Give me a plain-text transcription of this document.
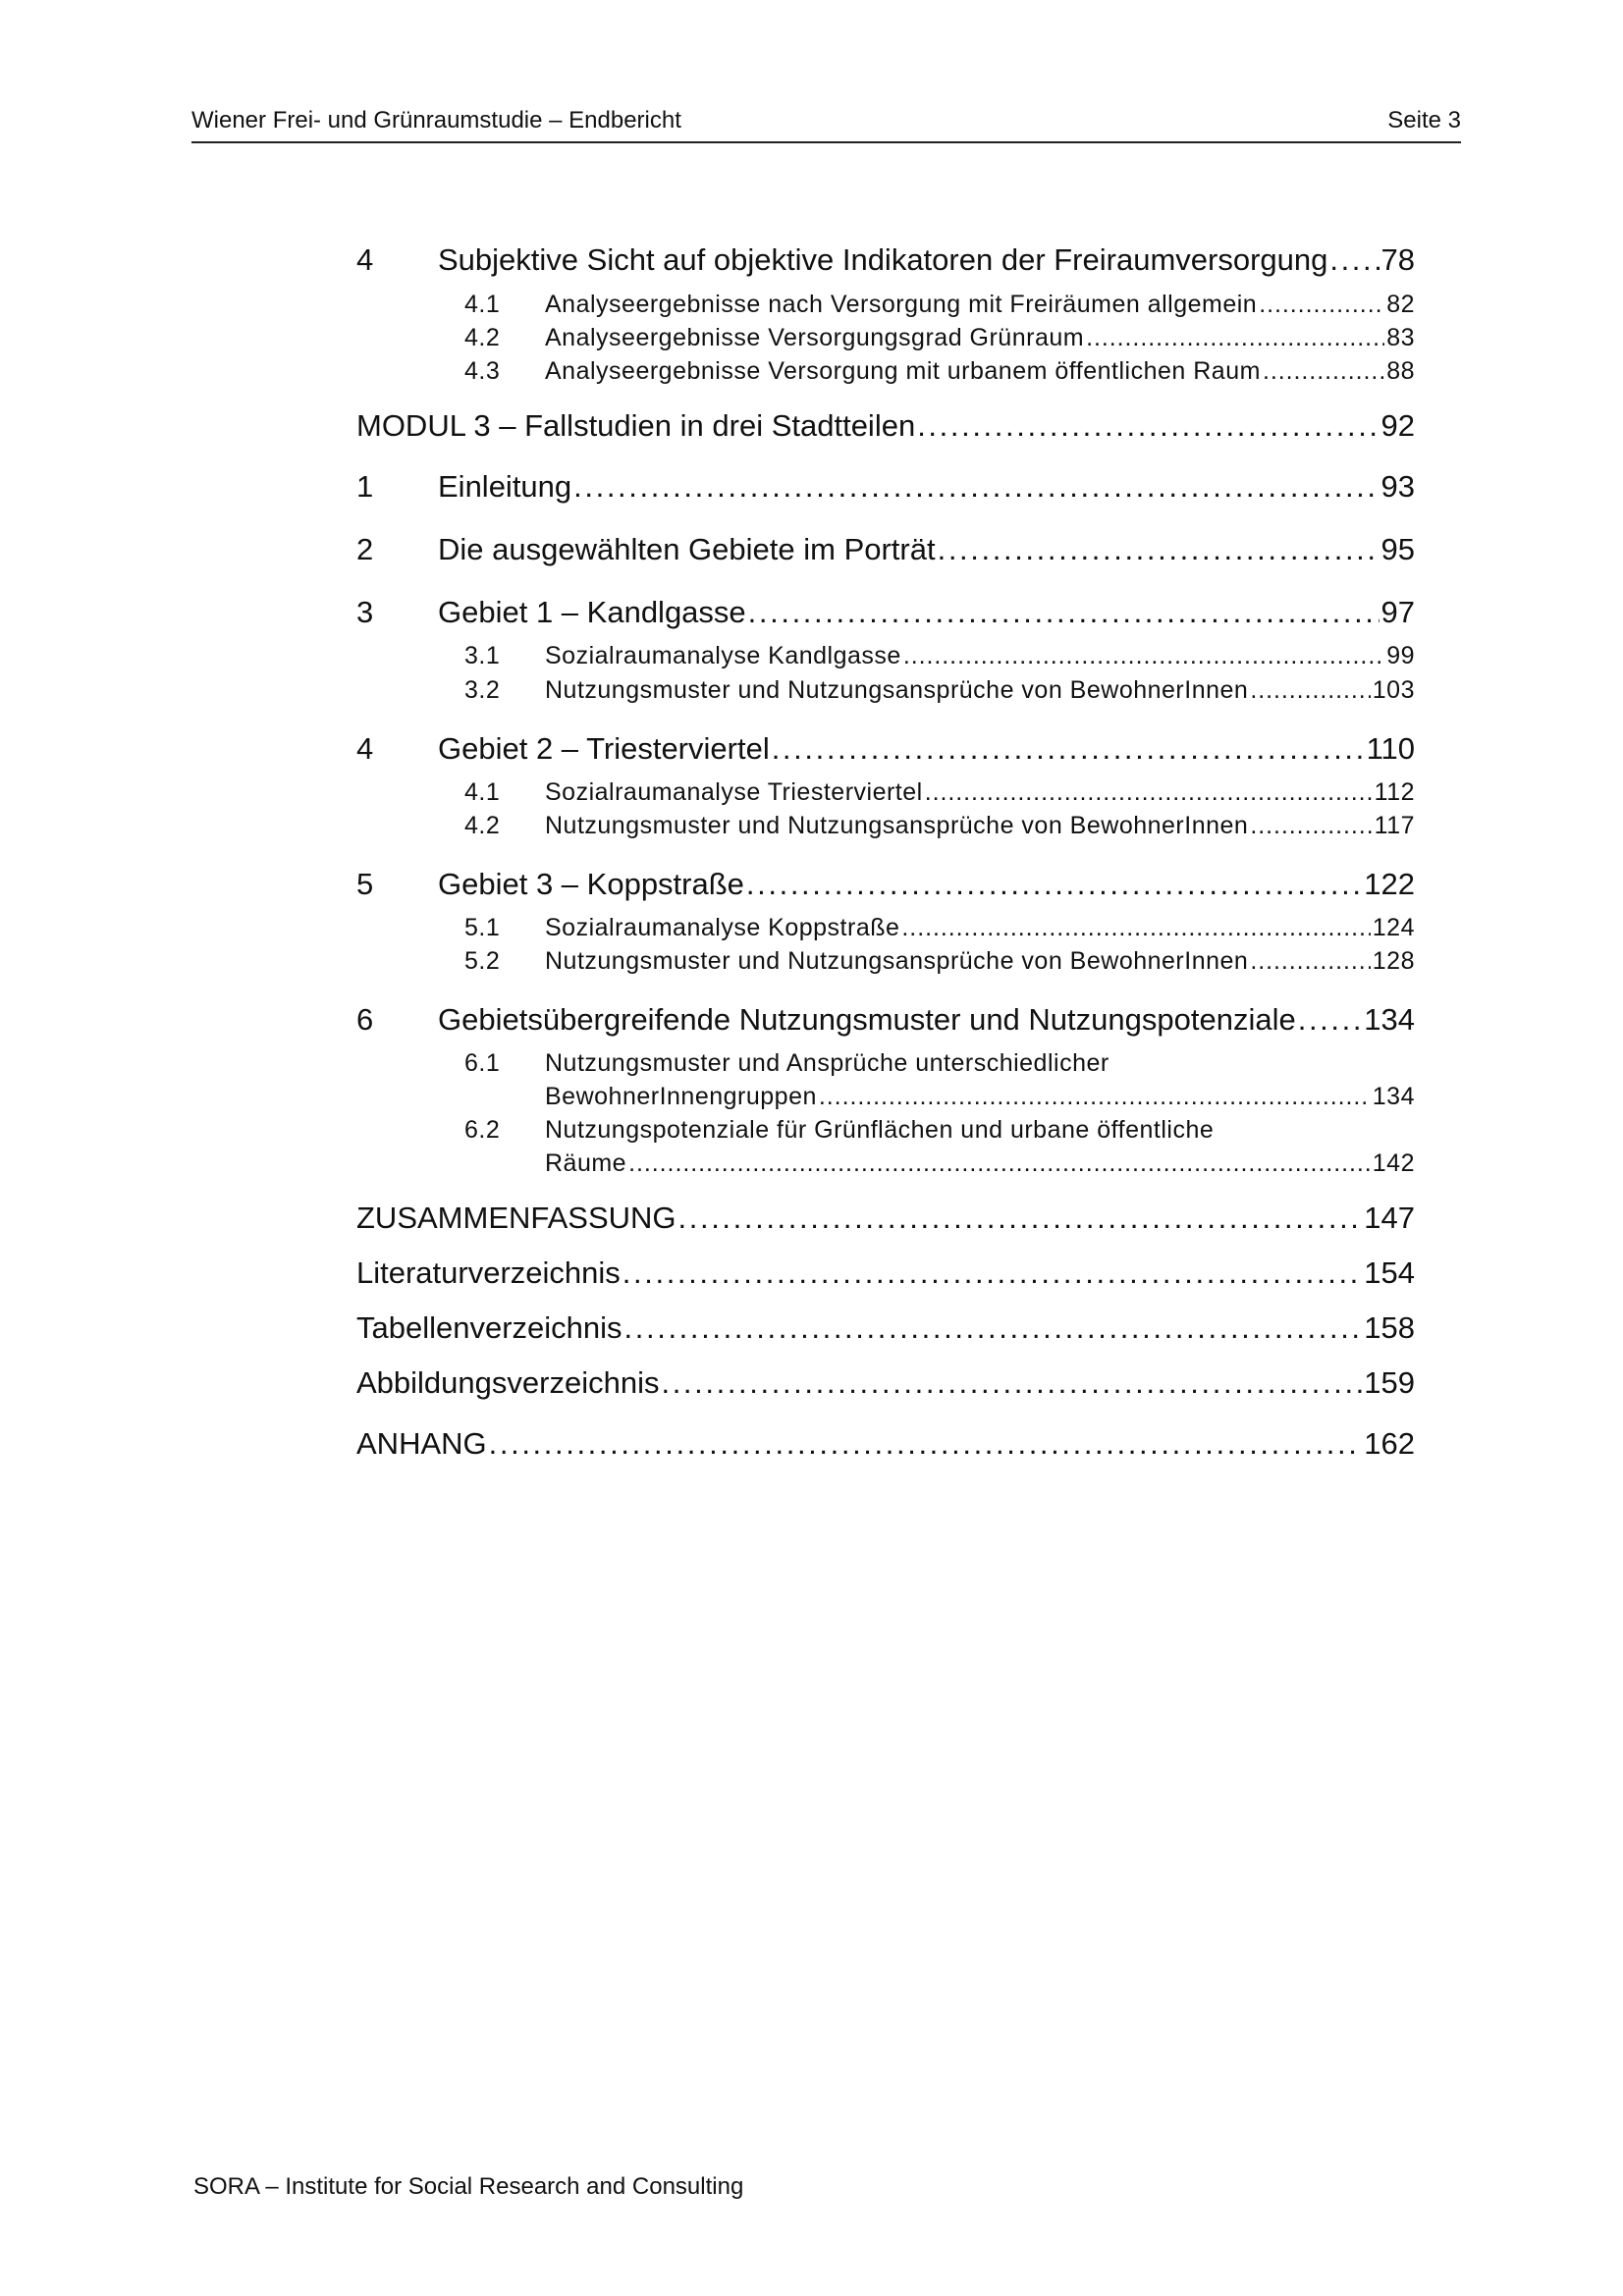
Wiener Frei- und Grünraumstudie – Endbericht	Seite 3
4	Subjektive Sicht auf objektive Indikatoren der Freiraumversorgung . . . 78
4.1	Analyseergebnisse nach Versorgung mit Freiräumen allgemein . . .	82
4.2	Analyseergebnisse Versorgungsgrad Grünraum . . .	83
4.3	Analyseergebnisse Versorgung mit urbanem öffentlichen Raum . . .	88
MODUL 3 – Fallstudien in drei Stadtteilen . . .	92
1	Einleitung . . .	93
2	Die ausgewählten Gebiete im Porträt . . .	95
3	Gebiet 1 – Kandlgasse . . .	97
3.1	Sozialraumanalyse Kandlgasse . . .	99
3.2	Nutzungsmuster und Nutzungsansprüche von BewohnerInnen . . .	103
4	Gebiet 2 – Triesterviertel . . .	110
4.1	Sozialraumanalyse Triesterviertel . . .	112
4.2	Nutzungsmuster und Nutzungsansprüche von BewohnerInnen . . .	117
5	Gebiet 3 – Koppstraße . . .	122
5.1	Sozialraumanalyse Koppstraße . . .	124
5.2	Nutzungsmuster und Nutzungsansprüche von BewohnerInnen . . .	128
6	Gebietsübergreifende Nutzungsmuster und Nutzungspotenziale . . . 134
6.1	Nutzungsmuster und Ansprüche unterschiedlicher
BewohnerInnengruppen . . .	134
6.2	Nutzungspotenziale für Grünflächen und urbane öffentliche
Räume . . .	142
ZUSAMMENFASSUNG . . .	147
Literaturverzeichnis . . .	154
Tabellenverzeichnis . . .	158
Abbildungsverzeichnis . . .	159
ANHANG . . .	162
SORA – Institute for Social Research and Consulting
